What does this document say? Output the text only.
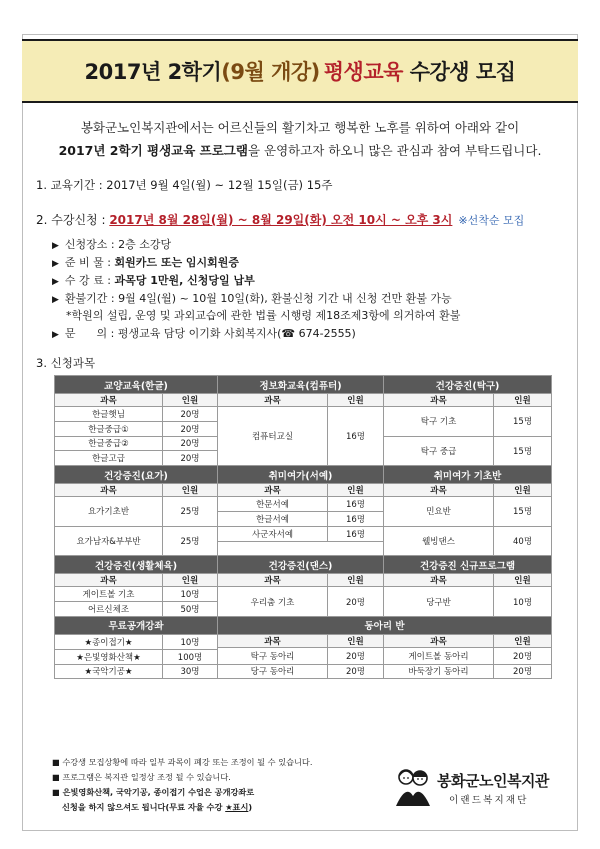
2017년 2학기 (9월 개강) 평생교육 수강생 모집
봉화군노인복지관에서는 어르신들의 활기차고 행복한 노후를 위하여 아래와 같이
2017년 2학기 평생교육 프로그램을 운영하고자 하오니 많은 관심과 참여 부탁드립니다.
1. 교육기간 : 2017년 9월 4일(월) ~ 12월 15일(금) 15주
2. 수강신청 : 2017년 8월 28일(월) ~ 8월 29일(화) 오전 10시 ~ 오후 3시 ※선착순 모집
▶ 신청장소 : 2층 소강당
▶ 준 비 물 : 회원카드 또는 임시회원증
▶ 수 강 료 : 과목당 1만원, 신청당일 납부
▶ 환불기간 : 9월 4일(월) ~ 10월 10일(화), 환불신청 기간 내 신청 건만 환불 가능
*학원의 설립, 운영 및 과외교습에 관한 법률 시행령 제18조제3항에 의거하여 환불
▶ 문      의 : 평생교육 담당 이기화 사회복지사(☎ 674-2555)
3. 신청과목
교양교육(한글)		정보화교육(컴퓨터)		건강증진(탁구)	
과목	인원	과목	인원	과목	인원
한글햇님	20명	컴퓨터교실	16명	탁구 기초	15명
한글중급①	20명				
한글중급②	20명			탁구 중급	15명
한글고급	20명				
건강증진(요가)		취미여가(서예)		취미여가 기초반	
과목	인원	과목	인원	과목	인원
요가기초반	25명	한문서예	16명	민요반	15명
		한글서예	16명		
요가남자&부부반	25명	사군자서예	16명	웰빙댄스	40명

건강증진(생활체육)		건강증진(댄스)		건강증진 신규프로그램	
과목	인원	과목	인원	과목	인원
게이트볼 기초	10명	우리춤 기초	20명	당구반	10명

어르신체조	50명				

무료공개강좌		동아리 반			

★종이접기★	10명	과목	인원	과목	인원
		탁구 동아리	20명	게이트볼 동아리	20명
★은빛영화산책★	100명				

★국악기공★	30명	당구 동아리	20명	바둑장기 동아리	20명

■ 수강생 모집상황에 따라 일부 과목이 폐강 또는 조정이 될 수 있습니다.
■ 프로그램은 복지관 일정상 조정 될 수 있습니다.
■ 은빛영화산책, 국악기공, 종이접기 수업은 공개강좌로
신청을 하지 않으셔도 됩니다(무료 자율 수강 ★표시)
봉화군노인복지관
이랜드복지재단
